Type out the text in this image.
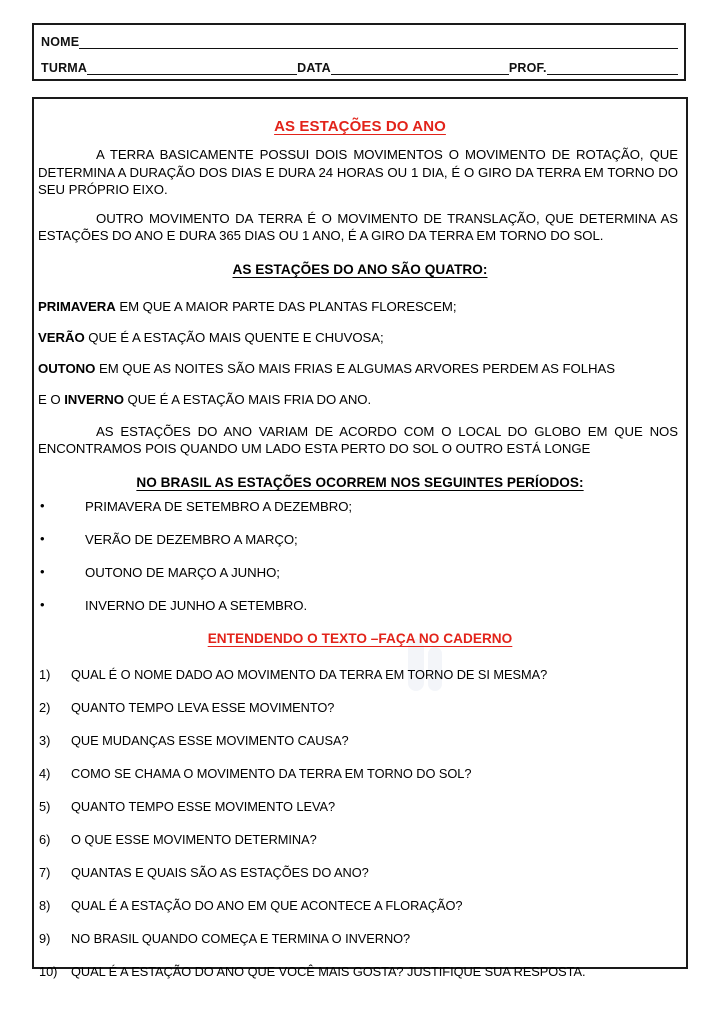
NOME
TURMA	DATA	PROF.
AS ESTAÇÕES DO ANO

A TERRA BASICAMENTE POSSUI DOIS MOVIMENTOS O MOVIMENTO DE ROTAÇÃO, QUE DETERMINA A DURAÇÃO DOS DIAS E DURA 24 HORAS OU 1 DIA, É O GIRO DA TERRA EM TORNO DO SEU PRÓPRIO EIXO.

OUTRO MOVIMENTO DA TERRA É O MOVIMENTO DE TRANSLAÇÃO, QUE DETERMINA AS ESTAÇÕES DO ANO E DURA 365 DIAS OU 1 ANO, É A GIRO DA TERRA EM TORNO DO SOL.

AS ESTAÇÕES DO ANO SÃO QUATRO:
PRIMAVERA EM QUE A MAIOR PARTE DAS PLANTAS FLORESCEM;
VERÃO QUE É A ESTAÇÃO MAIS QUENTE E CHUVOSA;
OUTONO EM QUE AS NOITES SÃO MAIS FRIAS E ALGUMAS ARVORES PERDEM AS FOLHAS
E O INVERNO QUE É A ESTAÇÃO MAIS FRIA DO ANO.

AS ESTAÇÕES DO ANO VARIAM DE ACORDO COM O LOCAL DO GLOBO EM QUE NOS ENCONTRAMOS POIS QUANDO UM LADO ESTA PERTO DO SOL O OUTRO ESTÁ LONGE

NO BRASIL AS ESTAÇÕES OCORREM NOS SEGUINTES PERÍODOS:
•	PRIMAVERA DE SETEMBRO A DEZEMBRO;
•	VERÃO DE DEZEMBRO A MARÇO;
•	OUTONO DE MARÇO A JUNHO;
•	INVERNO DE JUNHO A SETEMBRO.
ENTENDENDO O TEXTO –FAÇA NO CADERNO
1)	QUAL É O NOME DADO AO MOVIMENTO DA TERRA EM TORNO DE SI MESMA?
2)	QUANTO TEMPO LEVA ESSE MOVIMENTO?
3)	QUE MUDANÇAS ESSE MOVIMENTO CAUSA?
4)	COMO SE CHAMA O MOVIMENTO DA TERRA EM TORNO DO SOL?
5)	QUANTO TEMPO ESSE MOVIMENTO LEVA?
6)	O QUE ESSE MOVIMENTO DETERMINA?
7)	QUANTAS E QUAIS SÃO AS ESTAÇÕES DO ANO?
8)	QUAL É A ESTAÇÃO DO ANO EM QUE ACONTECE A FLORAÇÃO?
9)	NO BRASIL QUANDO COMEÇA E TERMINA O INVERNO?
10)	QUAL É A ESTAÇÃO DO ANO QUE VOCÊ MAIS GOSTA? JUSTIFIQUE SUA RESPOSTA.
